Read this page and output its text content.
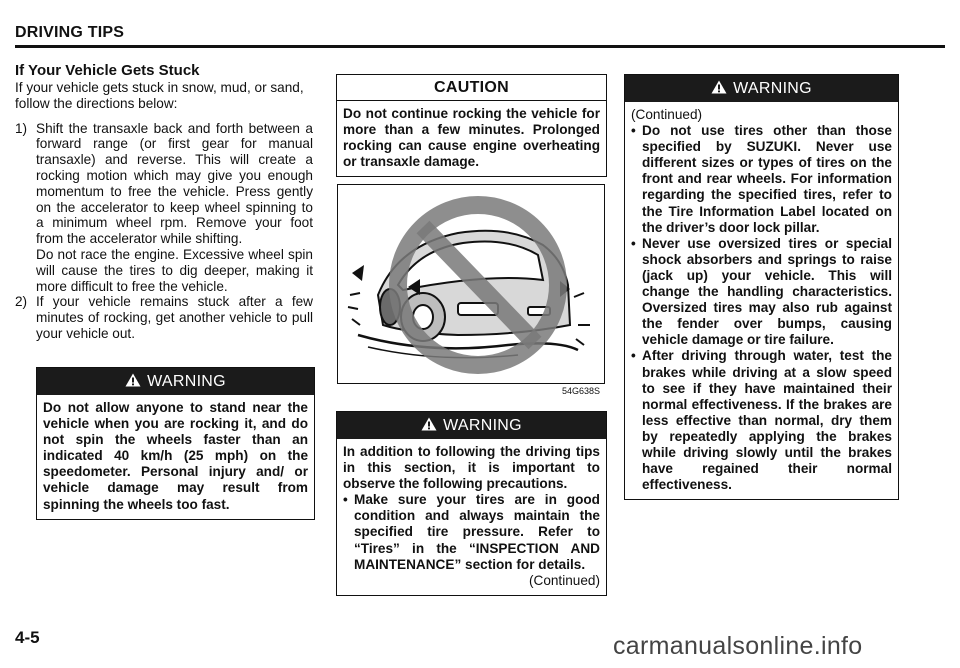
DRIVING TIPS
If Your Vehicle Gets Stuck

If your vehicle gets stuck in snow, mud, or sand, follow the directions below:

1) Shift the transaxle back and forth between a forward range (or first gear for manual transaxle) and reverse. This will create a rocking motion which may give you enough momentum to free the vehicle. Press gently on the accelerator to keep wheel spinning to a minimum wheel rpm. Remove your foot from the accelerator while shifting.

Do not race the engine. Excessive wheel spin will cause the tires to dig deeper, making it more difficult to free the vehicle.

2) If your vehicle remains stuck after a few minutes of rocking, get another vehicle to pull your vehicle out.

WARNING

Do not allow anyone to stand near the vehicle when you are rocking it, and do not spin the wheels faster than an indicated 40 km/h (25 mph) on the speedometer. Personal injury and/ or vehicle damage may result from spinning the wheels too fast.

CAUTION

Do not continue rocking the vehicle for more than a few minutes. Prolonged rocking can cause engine overheating or transaxle damage.

54G638S
WARNING

In addition to following the driving tips in this section, it is important to observe the following precautions.

• Make sure your tires are in good condition and always maintain the specified tire pressure. Refer to “Tires” in the “INSPECTION AND MAINTENANCE” section for details.

(Continued)

WARNING

(Continued)

• Do not use tires other than those specified by SUZUKI. Never use different sizes or types of tires on the front and rear wheels. For information regarding the specified tires, refer to the Tire Information Label located on the driver’s door lock pillar.
• Never use oversized tires or special shock absorbers and springs to raise (jack up) your vehicle. This will change the handling characteristics. Oversized tires may also rub against the fender over bumps, causing vehicle damage or tire failure.
• After driving through water, test the brakes while driving at a slow speed to see if they have maintained their normal effectiveness. If the brakes are less effective than normal, dry them by repeatedly applying the brakes while driving slowly until the brakes have regained their normal effectiveness.
4-5	carmanualsonline.info
